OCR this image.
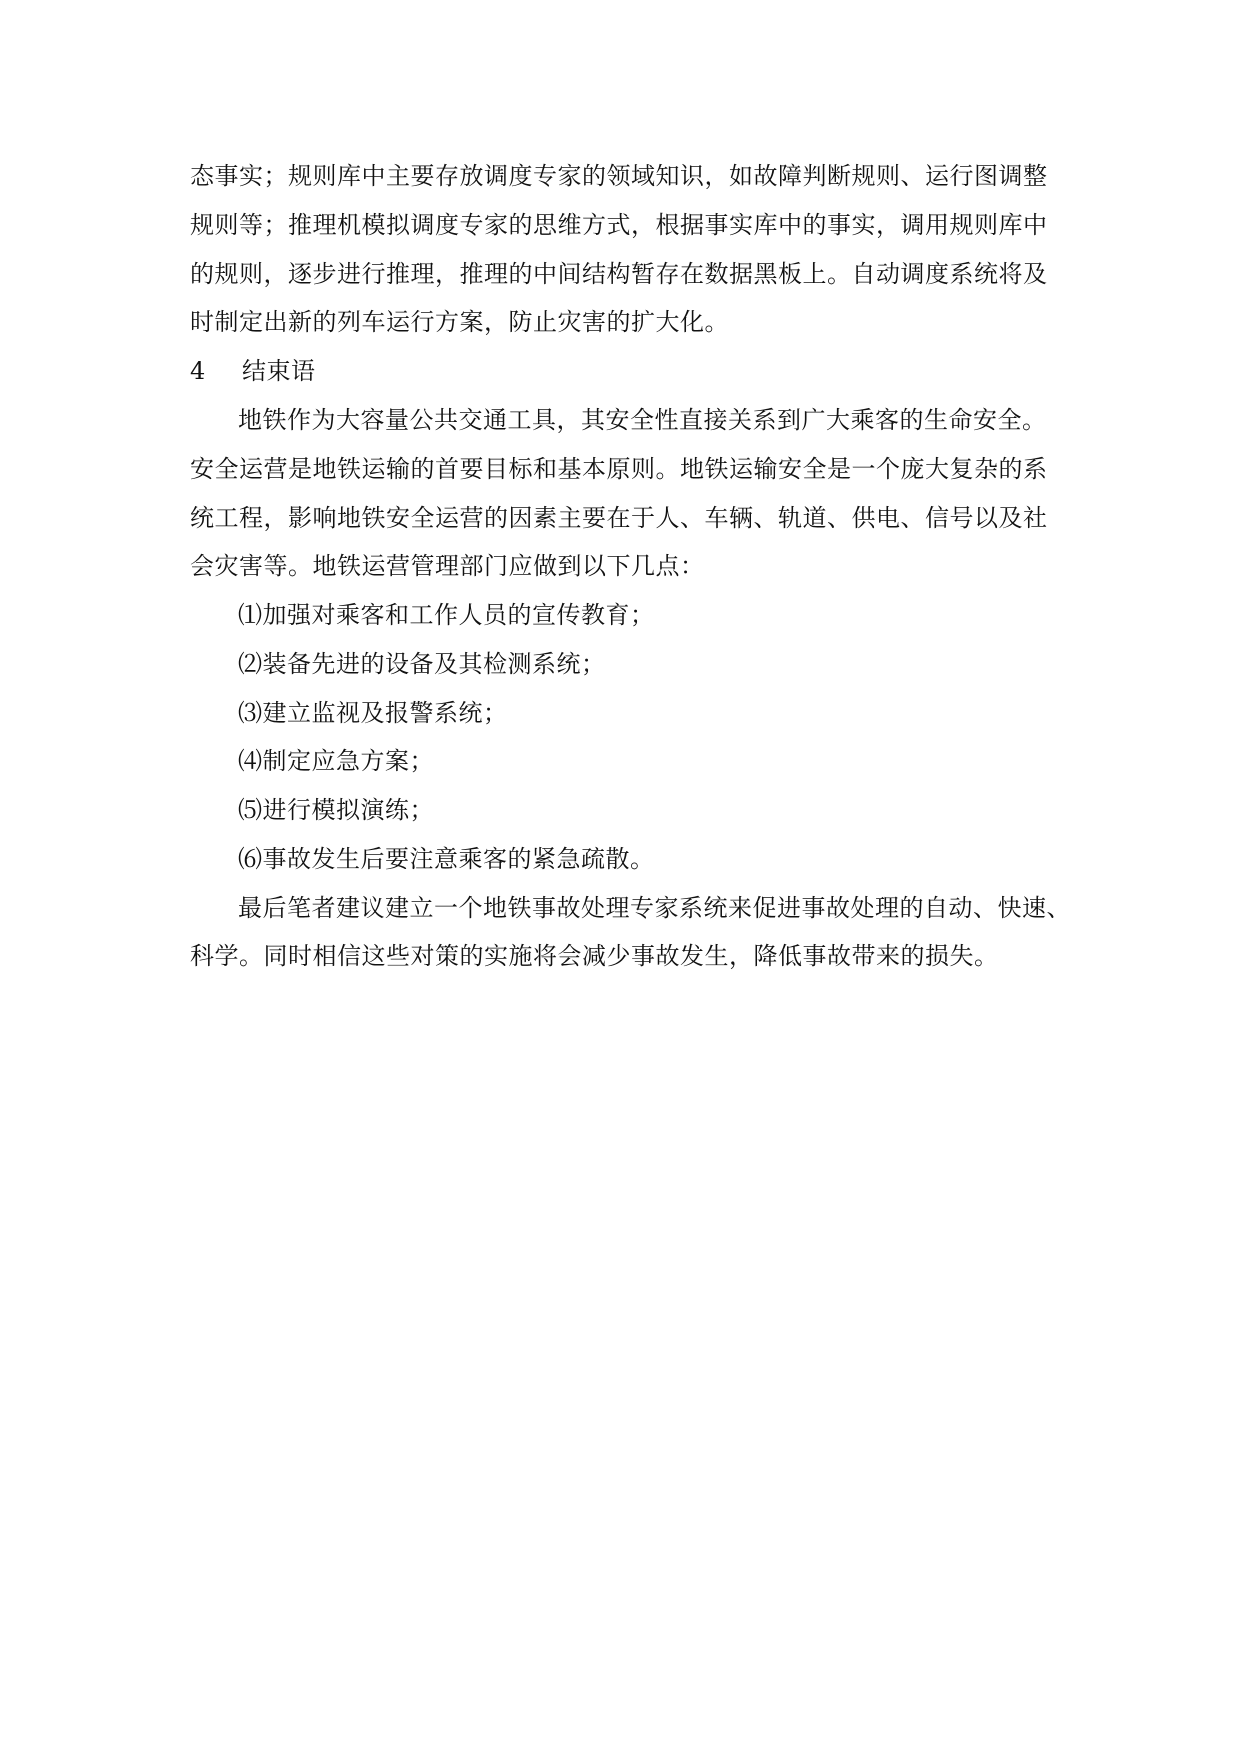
态事实；规则库中主要存放调度专家的领域知识，如故障判断规则、运行图调整
规则等；推理机模拟调度专家的思维方式，根据事实库中的事实，调用规则库中
的规则，逐步进行推理，推理的中间结构暂存在数据黑板上。自动调度系统将及
时制定出新的列车运行方案，防止灾害的扩大化。
4 结束语
地铁作为大容量公共交通工具，其安全性直接关系到广大乘客的生命安全。
安全运营是地铁运输的首要目标和基本原则。地铁运输安全是一个庞大复杂的系
统工程，影响地铁安全运营的因素主要在于人、车辆、轨道、供电、信号以及社
会灾害等。地铁运营管理部门应做到以下几点：
⑴加强对乘客和工作人员的宣传教育；
⑵装备先进的设备及其检测系统；
⑶建立监视及报警系统；
⑷制定应急方案；
⑸进行模拟演练；
⑹事故发生后要注意乘客的紧急疏散。
最后笔者建议建立一个地铁事故处理专家系统来促进事故处理的自动、快速、
科学。同时相信这些对策的实施将会减少事故发生，降低事故带来的损失。
